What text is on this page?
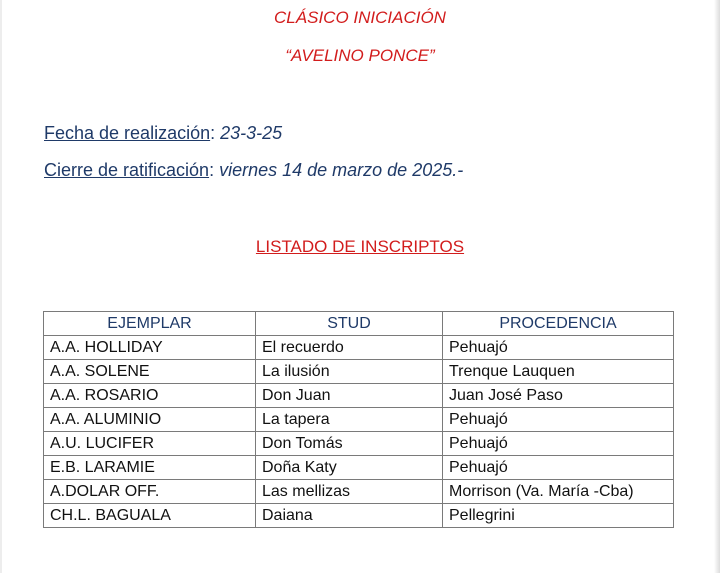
CLÁSICO INICIACIÓN
“AVELINO PONCE”
Fecha de realización: 23-3-25
Cierre de ratificación: viernes 14 de marzo de 2025.-
LISTADO DE INSCRIPTOS
EJEMPLAR	STUD	PROCEDENCIA
A.A. HOLLIDAY	El recuerdo	Pehuajó
A.A. SOLENE	La ilusión	Trenque Lauquen
A.A. ROSARIO	Don Juan	Juan José Paso
A.A. ALUMINIO	La tapera	Pehuajó
A.U. LUCIFER	Don Tomás	Pehuajó
E.B. LARAMIE	Doña Katy	Pehuajó
A.DOLAR OFF.	Las mellizas	Morrison (Va. María -Cba)
CH.L. BAGUALA	Daiana	Pellegrini
